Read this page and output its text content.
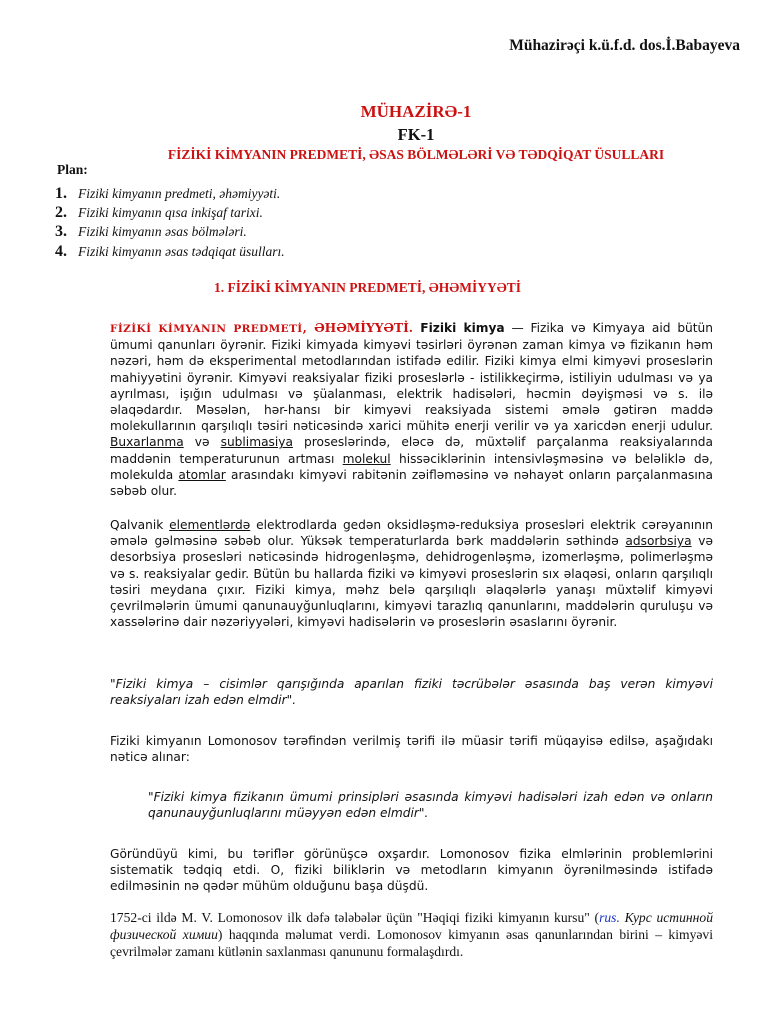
Mühazirəçi k.ü.f.d. dos.İ.Babayeva
MÜHAZİRƏ-1
FK-1
FİZİKİ KİMYANIN PREDMETİ, ƏSAS BÖLMƏLƏRİ VƏ TƏDQİQAT ÜSULLARI
Plan:
1. Fiziki kimyanın predmeti, əhəmiyyəti.
2. Fiziki kimyanın qısa inkişaf tarixi.
3. Fiziki kimyanın əsas bölmələri.
4. Fiziki kimyanın əsas tədqiqat üsulları.
1. FİZİKİ KİMYANIN PREDMETİ, ƏHƏMİYYƏTİ

FİZİKİ KİMYANIN PREDMETİ, ƏHƏMİYYƏTİ. Fiziki kimya — Fizika və Kimyaya aid bütün ümumi qanunları öyrənir. Fiziki kimyada kimyəvi təsirləri öyrənən zaman kimya və fizikanın həm nəzəri, həm də eksperimental metodlarından istifadə edilir. Fiziki kimya elmi kimyəvi proseslərin mahiyyətini öyrənir. Kimyəvi reaksiyalar fiziki proseslərlə - istilikkeçirmə, istiliyin udulması və ya ayrılması, işığın udulması və şüalanması, elektrik hadisələri, həcmin dəyişməsi və s. ilə əlaqədardır. Məsələn, hər-hansı bir kimyəvi reaksiyada sistemi əmələ gətirən maddə molekullarının qarşılıqlı təsiri nəticəsində xarici mühitə enerji verilir və ya xaricdən enerji udulur. Buxarlanma və sublimasiya proseslərində, eləcə də, müxtəlif parçalanma reaksiyalarında maddənin temperaturunun artması molekul hissəciklərinin intensivləşməsinə və beləliklə də, molekulda atomlar arasındakı kimyəvi rabitənin zəifləməsinə və nəhayət onların parçalanmasına səbəb olur.

Qalvanik elementlərdə elektrodlarda gedən oksidləşmə-reduksiya prosesləri elektrik cərəyanının əmələ gəlməsinə səbəb olur. Yüksək temperaturlarda bərk maddələrin səthində adsorbsiya və desorbsiya prosesləri nəticəsində hidrogenləşmə, dehidrogenləşmə, izomerləşmə, polimerləşmə və s. reaksiyalar gedir. Bütün bu hallarda fiziki və kimyəvi proseslərin sıx əlaqəsi, onların qarşılıqlı təsiri meydana çıxır. Fiziki kimya, məhz belə qarşılıqlı əlaqələrlə yanaşı müxtəlif kimyəvi çevrilmələrin ümumi qanunauyğunluqlarını, kimyəvi tarazlıq qanunlarını, maddələrin quruluşu və xassələrinə dair nəzəriyyələri, kimyəvi hadisələrin və proseslərin əsaslarını öyrənir.

"Fiziki kimya – cisimlər qarışığında aparılan fiziki təcrübələr əsasında baş verən kimyəvi reaksiyaları izah edən elmdir".

Fiziki kimyanın Lomonosov tərəfindən verilmiş tərifi ilə müasir tərifi müqayisə edilsə, aşağıdakı nəticə alınar:

"Fiziki kimya fizikanın ümumi prinsipləri əsasında kimyəvi hadisələri izah edən və onların qanunauyğunluqlarını müəyyən edən elmdir".

Göründüyü kimi, bu təriflər görünüşcə oxşardır. Lomonosov fizika elmlərinin problemlərini sistematik tədqiq etdi. O, fiziki biliklərin və metodların kimyanın öyrənilməsində istifadə edilməsinin nə qədər mühüm olduğunu başa düşdü.

1752-ci ildə M. V. Lomonosov ilk dəfə tələbələr üçün "Həqiqi fiziki kimyanın kursu" (rus. Курс истинной физической химии) haqqında məlumat verdi. Lomonosov kimyanın əsas qanunlarından birini – kimyəvi çevrilmələr zamanı kütlənin saxlanması qanununu formalaşdırdı.
